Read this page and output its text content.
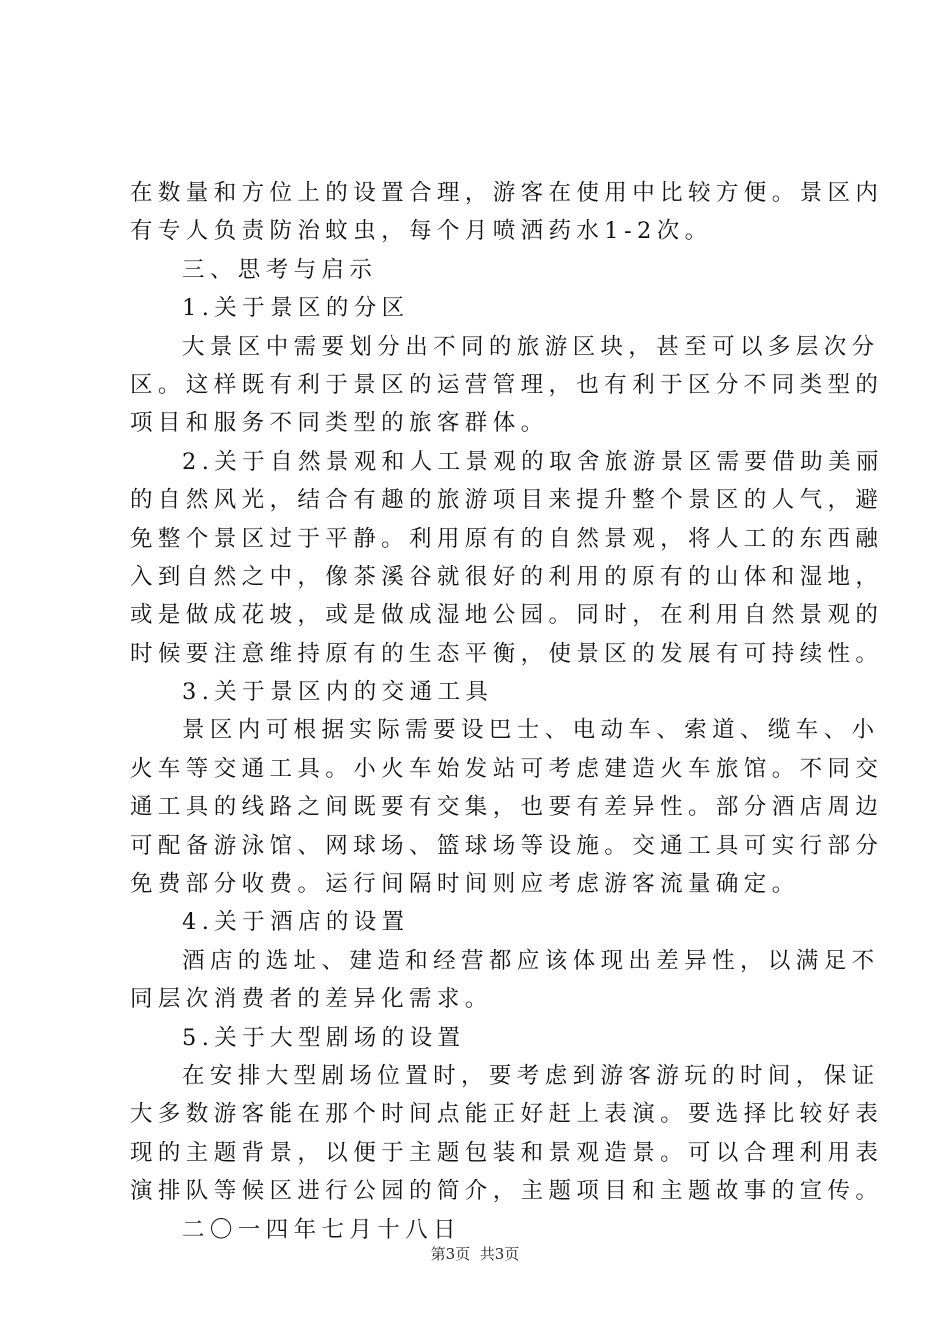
在数量和方位上的设置合理，游客在使用中比较方便。景区内
有专人负责防治蚊虫，每个月喷洒药水1-2次。
三、思考与启示
1.关于景区的分区
大景区中需要划分出不同的旅游区块，甚至可以多层次分
区。这样既有利于景区的运营管理，也有利于区分不同类型的
项目和服务不同类型的旅客群体。
2.关于自然景观和人工景观的取舍旅游景区需要借助美丽
的自然风光，结合有趣的旅游项目来提升整个景区的人气，避
免整个景区过于平静。利用原有的自然景观，将人工的东西融
入到自然之中，像茶溪谷就很好的利用的原有的山体和湿地，
或是做成花坡，或是做成湿地公园。同时，在利用自然景观的
时候要注意维持原有的生态平衡，使景区的发展有可持续性。
3.关于景区内的交通工具
景区内可根据实际需要设巴士、电动车、索道、缆车、小
火车等交通工具。小火车始发站可考虑建造火车旅馆。不同交
通工具的线路之间既要有交集，也要有差异性。部分酒店周边
可配备游泳馆、网球场、篮球场等设施。交通工具可实行部分
免费部分收费。运行间隔时间则应考虑游客流量确定。
4.关于酒店的设置
酒店的选址、建造和经营都应该体现出差异性，以满足不
同层次消费者的差异化需求。
5.关于大型剧场的设置
在安排大型剧场位置时，要考虑到游客游玩的时间，保证
大多数游客能在那个时间点能正好赶上表演。要选择比较好表
现的主题背景，以便于主题包装和景观造景。可以合理利用表
演排队等候区进行公园的简介，主题项目和主题故事的宣传。
二〇一四年七月十八日
第3页 共3页
